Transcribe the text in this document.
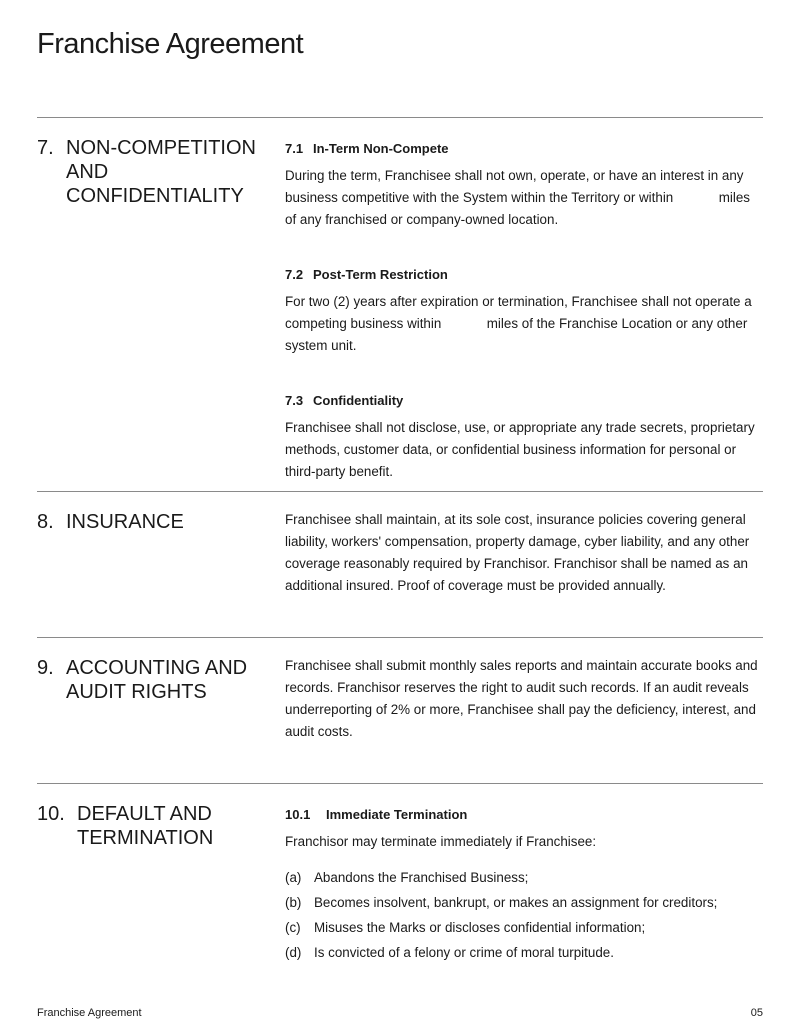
Franchise Agreement
7. NON-COMPETITION AND CONFIDENTIALITY
7.1 In-Term Non-Compete

During the term, Franchisee shall not own, operate, or have an interest in any business competitive with the System within the Territory or within	miles of any franchised or company-owned location.

7.2 Post-Term Restriction

For two (2) years after expiration or termination, Franchisee shall not operate a competing business within	miles of the Franchise Location or any other system unit.

7.3 Confidentiality

Franchisee shall not disclose, use, or appropriate any trade secrets, proprietary methods, customer data, or confidential business information for personal or third-party benefit.

8. INSURANCE	Franchisee shall maintain, at its sole cost, insurance policies covering general liability, workers' compensation, property damage, cyber liability, and any other coverage reasonably required by Franchisor. Franchisor shall be named as an additional insured. Proof of coverage must be provided annually.

9. ACCOUNTING AND AUDIT RIGHTS

Franchisee shall submit monthly sales reports and maintain accurate books and records. Franchisor reserves the right to audit such records. If an audit reveals underreporting of 2% or more, Franchisee shall pay the deficiency, interest, and audit costs.

10. DEFAULT AND TERMINATION
10.1 Immediate Termination

Franchisor may terminate immediately if Franchisee:

(a) Abandons the Franchised Business;
(b) Becomes insolvent, bankrupt, or makes an assignment for creditors;
(c) Misuses the Marks or discloses confidential information;
(d) Is convicted of a felony or crime of moral turpitude.
Franchise Agreement	05
